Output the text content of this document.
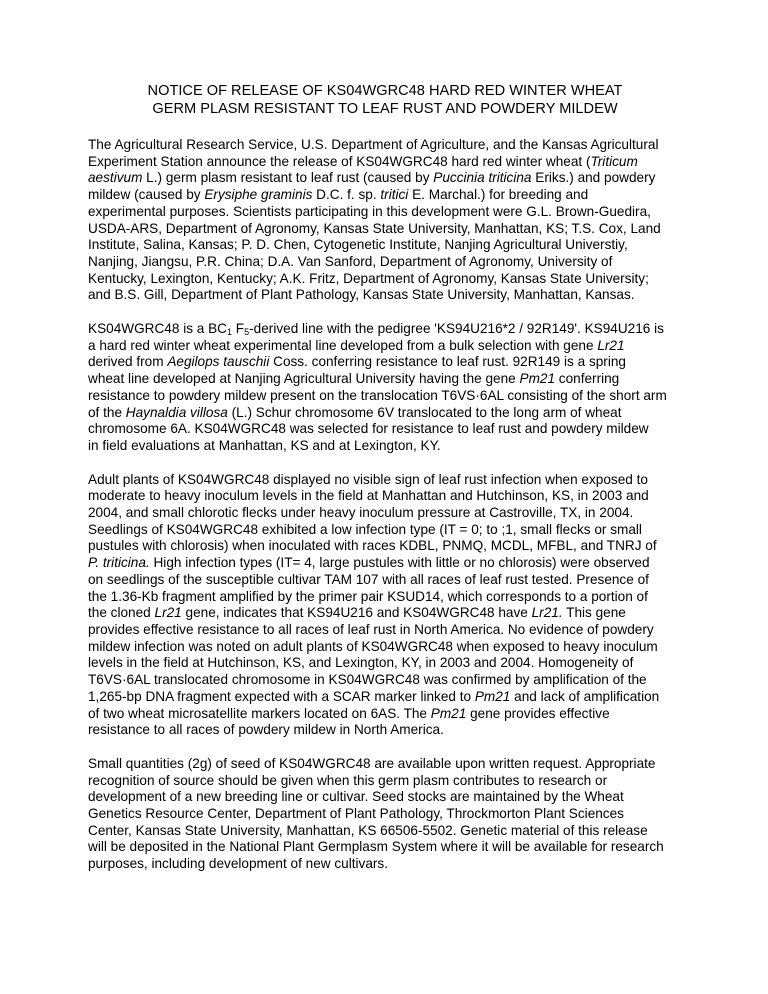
NOTICE OF RELEASE OF KS04WGRC48 HARD RED WINTER WHEAT
GERM PLASM RESISTANT TO LEAF RUST AND POWDERY MILDEW

The Agricultural Research Service, U.S. Department of Agriculture, and the Kansas Agricultural
Experiment Station announce the release of KS04WGRC48 hard red winter wheat (Triticum
aestivum L.) germ plasm resistant to leaf rust (caused by Puccinia triticina Eriks.) and powdery
mildew (caused by Erysiphe graminis D.C. f. sp. tritici E. Marchal.) for breeding and
experimental purposes. Scientists participating in this development were G.L. Brown-Guedira,
USDA-ARS, Department of Agronomy, Kansas State University, Manhattan, KS; T.S. Cox, Land
Institute, Salina, Kansas; P. D. Chen, Cytogenetic Institute, Nanjing Agricultural Universtiy,
Nanjing, Jiangsu, P.R. China; D.A. Van Sanford, Department of Agronomy, University of
Kentucky, Lexington, Kentucky; A.K. Fritz, Department of Agronomy, Kansas State University;
and B.S. Gill, Department of Plant Pathology, Kansas State University, Manhattan, Kansas.

KS04WGRC48 is a $BC_1$ $F_5$-derived line with the pedigree 'KS94U216*2 / 92R149'. KS94U216 is
a hard red winter wheat experimental line developed from a bulk selection with gene Lr21
derived from Aegilops tauschii Coss. conferring resistance to leaf rust. 92R149 is a spring
wheat line developed at Nanjing Agricultural University having the gene Pm21 conferring
resistance to powdery mildew present on the translocation T6VS·6AL consisting of the short arm
of the Haynaldia villosa (L.) Schur chromosome 6V translocated to the long arm of wheat
chromosome 6A. KS04WGRC48 was selected for resistance to leaf rust and powdery mildew
in field evaluations at Manhattan, KS and at Lexington, KY.

Adult plants of KS04WGRC48 displayed no visible sign of leaf rust infection when exposed to
moderate to heavy inoculum levels in the field at Manhattan and Hutchinson, KS, in 2003 and
2004, and small chlorotic flecks under heavy inoculum pressure at Castroville, TX, in 2004.
Seedlings of KS04WGRC48 exhibited a low infection type (IT = 0; to ;1, small flecks or small
pustules with chlorosis) when inoculated with races KDBL, PNMQ, MCDL, MFBL, and TNRJ of
P. triticina. High infection types (IT= 4, large pustules with little or no chlorosis) were observed
on seedlings of the susceptible cultivar TAM 107 with all races of leaf rust tested. Presence of
the 1.36-Kb fragment amplified by the primer pair KSUD14, which corresponds to a portion of
the cloned Lr21 gene, indicates that KS94U216 and KS04WGRC48 have Lr21. This gene
provides effective resistance to all races of leaf rust in North America. No evidence of powdery
mildew infection was noted on adult plants of KS04WGRC48 when exposed to heavy inoculum
levels in the field at Hutchinson, KS, and Lexington, KY, in 2003 and 2004. Homogeneity of
T6VS·6AL translocated chromosome in KS04WGRC48 was confirmed by amplification of the
1,265-bp DNA fragment expected with a SCAR marker linked to Pm21 and lack of amplification
of two wheat microsatellite markers located on 6AS. The Pm21 gene provides effective
resistance to all races of powdery mildew in North America.

Small quantities (2g) of seed of KS04WGRC48 are available upon written request. Appropriate
recognition of source should be given when this germ plasm contributes to research or
development of a new breeding line or cultivar. Seed stocks are maintained by the Wheat
Genetics Resource Center, Department of Plant Pathology, Throckmorton Plant Sciences
Center, Kansas State University, Manhattan, KS 66506-5502. Genetic material of this release
will be deposited in the National Plant Germplasm System where it will be available for research
purposes, including development of new cultivars.
